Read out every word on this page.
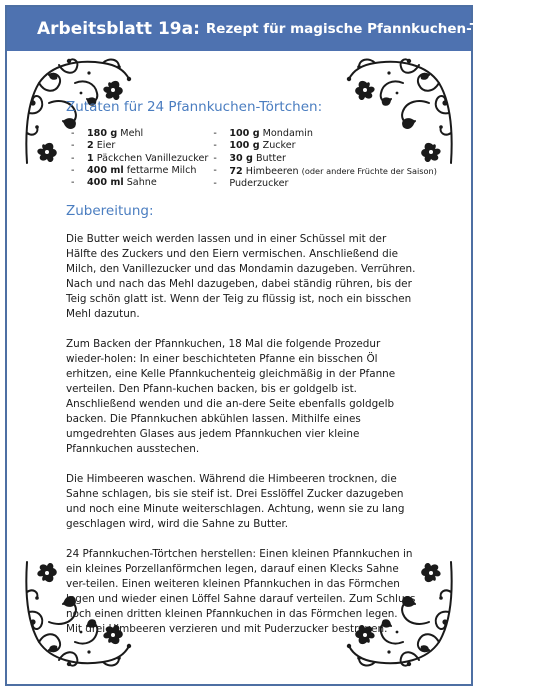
Arbeitsblatt 19a: Rezept für magische Pfannkuchen-Törtchen
Zutaten für 24 Pfannkuchen-Törtchen:
- 180 g Mehl
- 2 Eier
- 1 Päckchen Vanillezucker
- 400 ml fettarme Milch
- 400 ml Sahne
- 100 g Mondamin
- 100 g Zucker
- 30 g Butter
- 72 Himbeeren (oder andere Früchte der Saison)
- Puderzucker
Zubereitung:

Die Butter weich werden lassen und in einer Schüssel mit der Hälfte des Zuckers und den Eiern vermischen. Anschließend die Milch, den Vanillezucker und das Mondamin dazugeben. Verrühren. Nach und nach das Mehl dazugeben, dabei ständig rühren, bis der Teig schön glatt ist. Wenn der Teig zu flüssig ist, noch ein bisschen Mehl dazutun.

Zum Backen der Pfannkuchen, 18 Mal die folgende Prozedur wieder-holen: In einer beschichteten Pfanne ein bisschen Öl erhitzen, eine Kelle Pfannkuchenteig gleichmäßig in der Pfanne verteilen. Den Pfann-kuchen backen, bis er goldgelb ist. Anschließend wenden und die an-dere Seite ebenfalls goldgelb backen. Die Pfannkuchen abkühlen lassen. Mithilfe eines umgedrehten Glases aus jedem Pfannkuchen vier kleine Pfannkuchen ausstechen.

Die Himbeeren waschen. Während die Himbeeren trocknen, die Sahne schlagen, bis sie steif ist. Drei Esslöffel Zucker dazugeben und noch eine Minute weiterschlagen. Achtung, wenn sie zu lang geschlagen wird, wird die Sahne zu Butter.

24 Pfannkuchen-Törtchen herstellen: Einen kleinen Pfannkuchen in ein kleines Porzellanförmchen legen, darauf einen Klecks Sahne ver-teilen. Einen weiteren kleinen Pfannkuchen in das Förmchen legen und wieder einen Löffel Sahne darauf verteilen. Zum Schluss noch einen dritten kleinen Pfannkuchen in das Förmchen legen. Mit drei Himbeeren verzieren und mit Puderzucker bestreuen.
